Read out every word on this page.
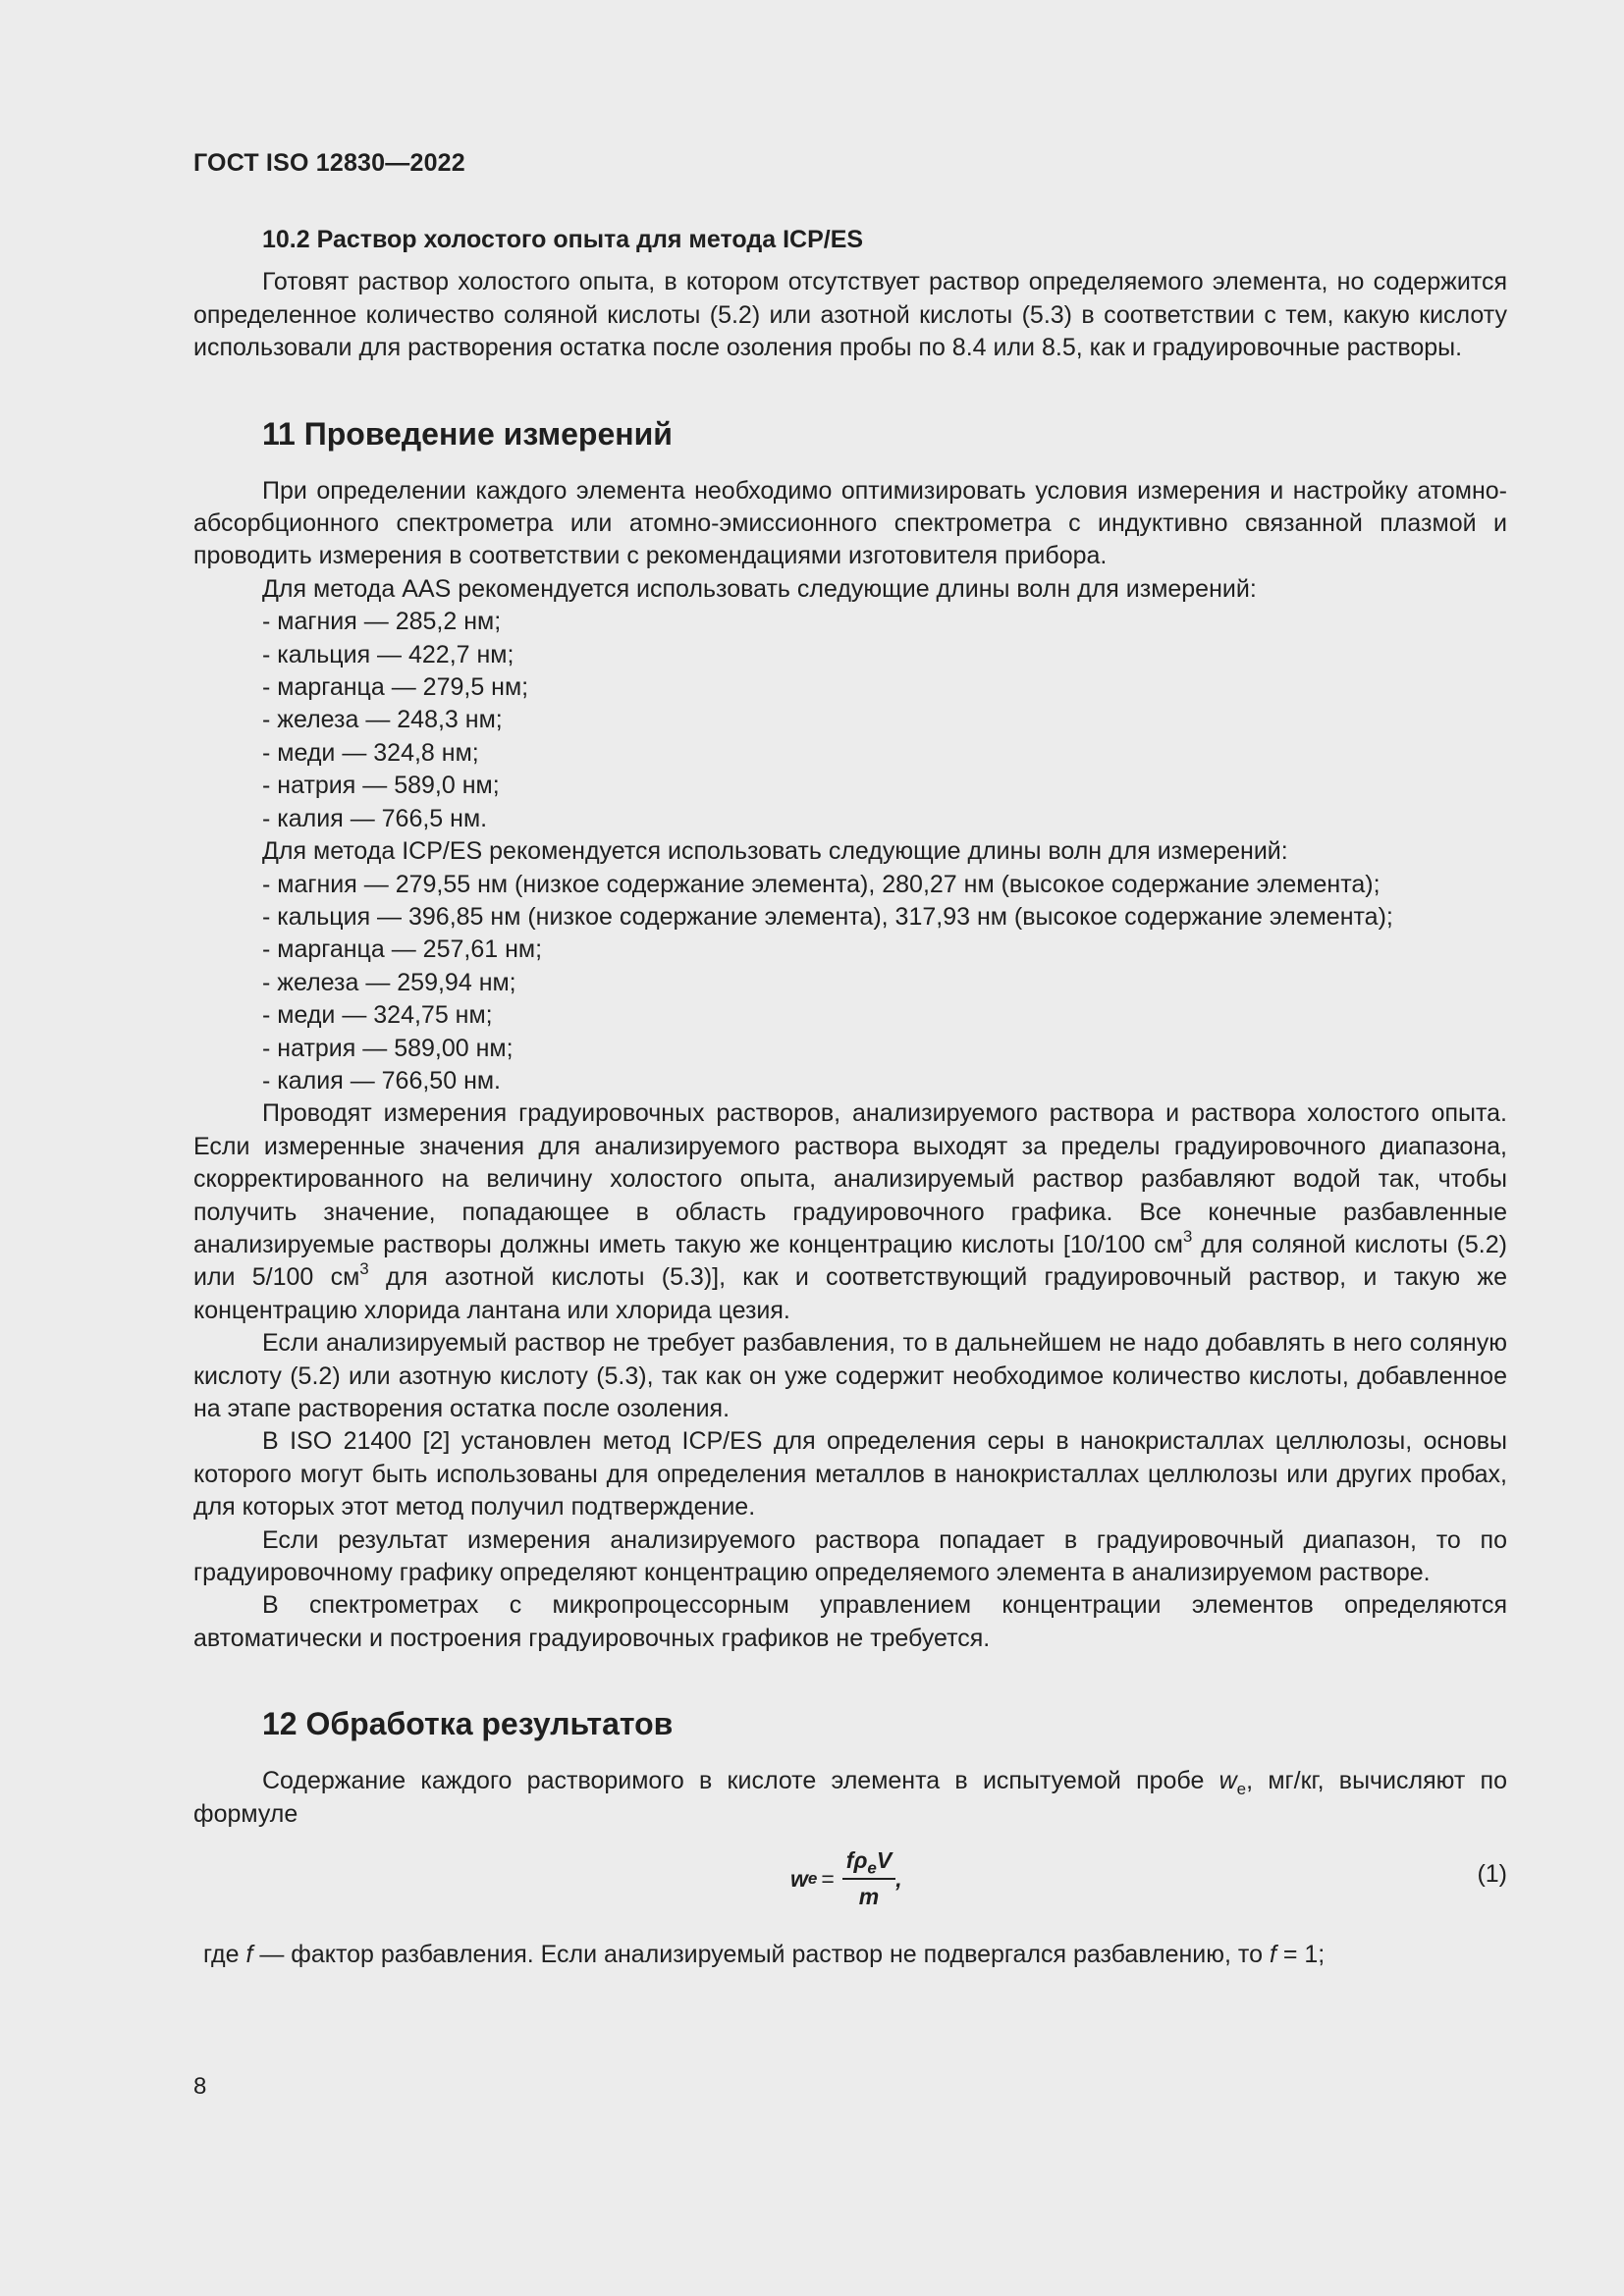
ГОСТ ISO 12830—2022
10.2 Раствор холостого опыта для метода ICP/ES

Готовят раствор холостого опыта, в котором отсутствует раствор определяемого элемента, но содержится определенное количество соляной кислоты (5.2) или азотной кислоты (5.3) в соответствии с тем, какую кислоту использовали для растворения остатка после озоления пробы по 8.4 или 8.5, как и градуировочные растворы.

11 Проведение измерений

При определении каждого элемента необходимо оптимизировать условия измерения и настройку атомно-абсорбционного спектрометра или атомно-эмиссионного спектрометра с индуктивно связанной плазмой и проводить измерения в соответствии с рекомендациями изготовителя прибора.

Для метода AAS рекомендуется использовать следующие длины волн для измерений:

- магния — 285,2 нм;
- кальция — 422,7 нм;
- марганца — 279,5 нм;
- железа — 248,3 нм;
- меди — 324,8 нм;
- натрия — 589,0 нм;
- калия — 766,5 нм.

Для метода ICP/ES рекомендуется использовать следующие длины волн для измерений:

- магния — 279,55 нм (низкое содержание элемента), 280,27 нм (высокое содержание элемента);
- кальция — 396,85 нм (низкое содержание элемента), 317,93 нм (высокое содержание элемента);
- марганца — 257,61 нм;
- железа — 259,94 нм;
- меди — 324,75 нм;
- натрия — 589,00 нм;
- калия — 766,50 нм.

Проводят измерения градуировочных растворов, анализируемого раствора и раствора холостого опыта. Если измеренные значения для анализируемого раствора выходят за пределы градуировочного диапазона, скорректированного на величину холостого опыта, анализируемый раствор разбавляют водой так, чтобы получить значение, попадающее в область градуировочного графика. Все конечные разбавленные анализируемые растворы должны иметь такую же концентрацию кислоты [10/100 $см^3$ для соляной кислоты (5.2) или 5/100 $см^3$ для азотной кислоты (5.3)], как и соответствующий градуировочный раствор, и такую же концентрацию хлорида лантана или хлорида цезия.

Если анализируемый раствор не требует разбавления, то в дальнейшем не надо добавлять в него соляную кислоту (5.2) или азотную кислоту (5.3), так как он уже содержит необходимое количество кислоты, добавленное на этапе растворения остатка после озоления.

В ISO 21400 [2] установлен метод ICP/ES для определения серы в нанокристаллах целлюлозы, основы которого могут быть использованы для определения металлов в нанокристаллах целлюлозы или других пробах, для которых этот метод получил подтверждение.

Если результат измерения анализируемого раствора попадает в градуировочный диапазон, то по градуировочному графику определяют концентрацию определяемого элемента в анализируемом растворе.

В спектрометрах с микропроцессорным управлением концентрации элементов определяются автоматически и построения градуировочных графиков не требуется.

12 Обработка результатов

Содержание каждого растворимого в кислоте элемента в испытуемой пробе $w_e$, мг/кг, вычисляют по формуле

w $e = \frac{f\rho_eV}{m}$ ,	(1)

где f — фактор разбавления. Если анализируемый раствор не подвергался разбавлению, то f = 1;

8
